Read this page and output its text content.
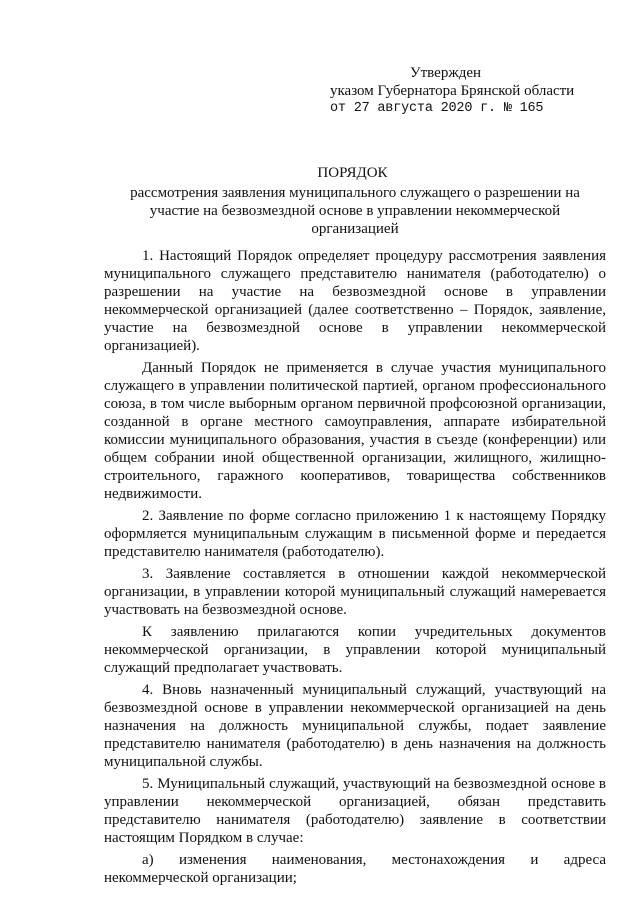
Утвержден
указом Губернатора Брянской области
от 27 августа 2020 г. № 165
ПОРЯДОК
рассмотрения заявления муниципального служащего о разрешении на участие на безвозмездной основе в управлении некоммерческой организацией

1. Настоящий Порядок определяет процедуру рассмотрения заявления муниципального служащего представителю нанимателя (работодателю) о разрешении на участие на безвозмездной основе в управлении некоммерческой организацией (далее соответственно – Порядок, заявление, участие на безвозмездной основе в управлении некоммерческой организацией).

Данный Порядок не применяется в случае участия муниципального служащего в управлении политической партией, органом профессионального союза, в том числе выборным органом первичной профсоюзной организации, созданной в органе местного самоуправления, аппарате избирательной комиссии муниципального образования, участия в съезде (конференции) или общем собрании иной общественной организации, жилищного, жилищно-строительного, гаражного кооперативов, товарищества собственников недвижимости.

2. Заявление по форме согласно приложению 1 к настоящему Порядку оформляется муниципальным служащим в письменной форме и передается представителю нанимателя (работодателю).

3. Заявление составляется в отношении каждой некоммерческой организации, в управлении которой муниципальный служащий намеревается участвовать на безвозмездной основе.

К заявлению прилагаются копии учредительных документов некоммерческой организации, в управлении которой муниципальный служащий предполагает участвовать.

4. Вновь назначенный муниципальный служащий, участвующий на безвозмездной основе в управлении некоммерческой организацией на день назначения на должность муниципальной службы, подает заявление представителю нанимателя (работодателю) в день назначения на должность муниципальной службы.

5. Муниципальный служащий, участвующий на безвозмездной основе в управлении некоммерческой организацией, обязан представить представителю нанимателя (работодателю) заявление в соответствии настоящим Порядком в случае:

а) изменения наименования, местонахождения и адреса некоммерческой организации;
